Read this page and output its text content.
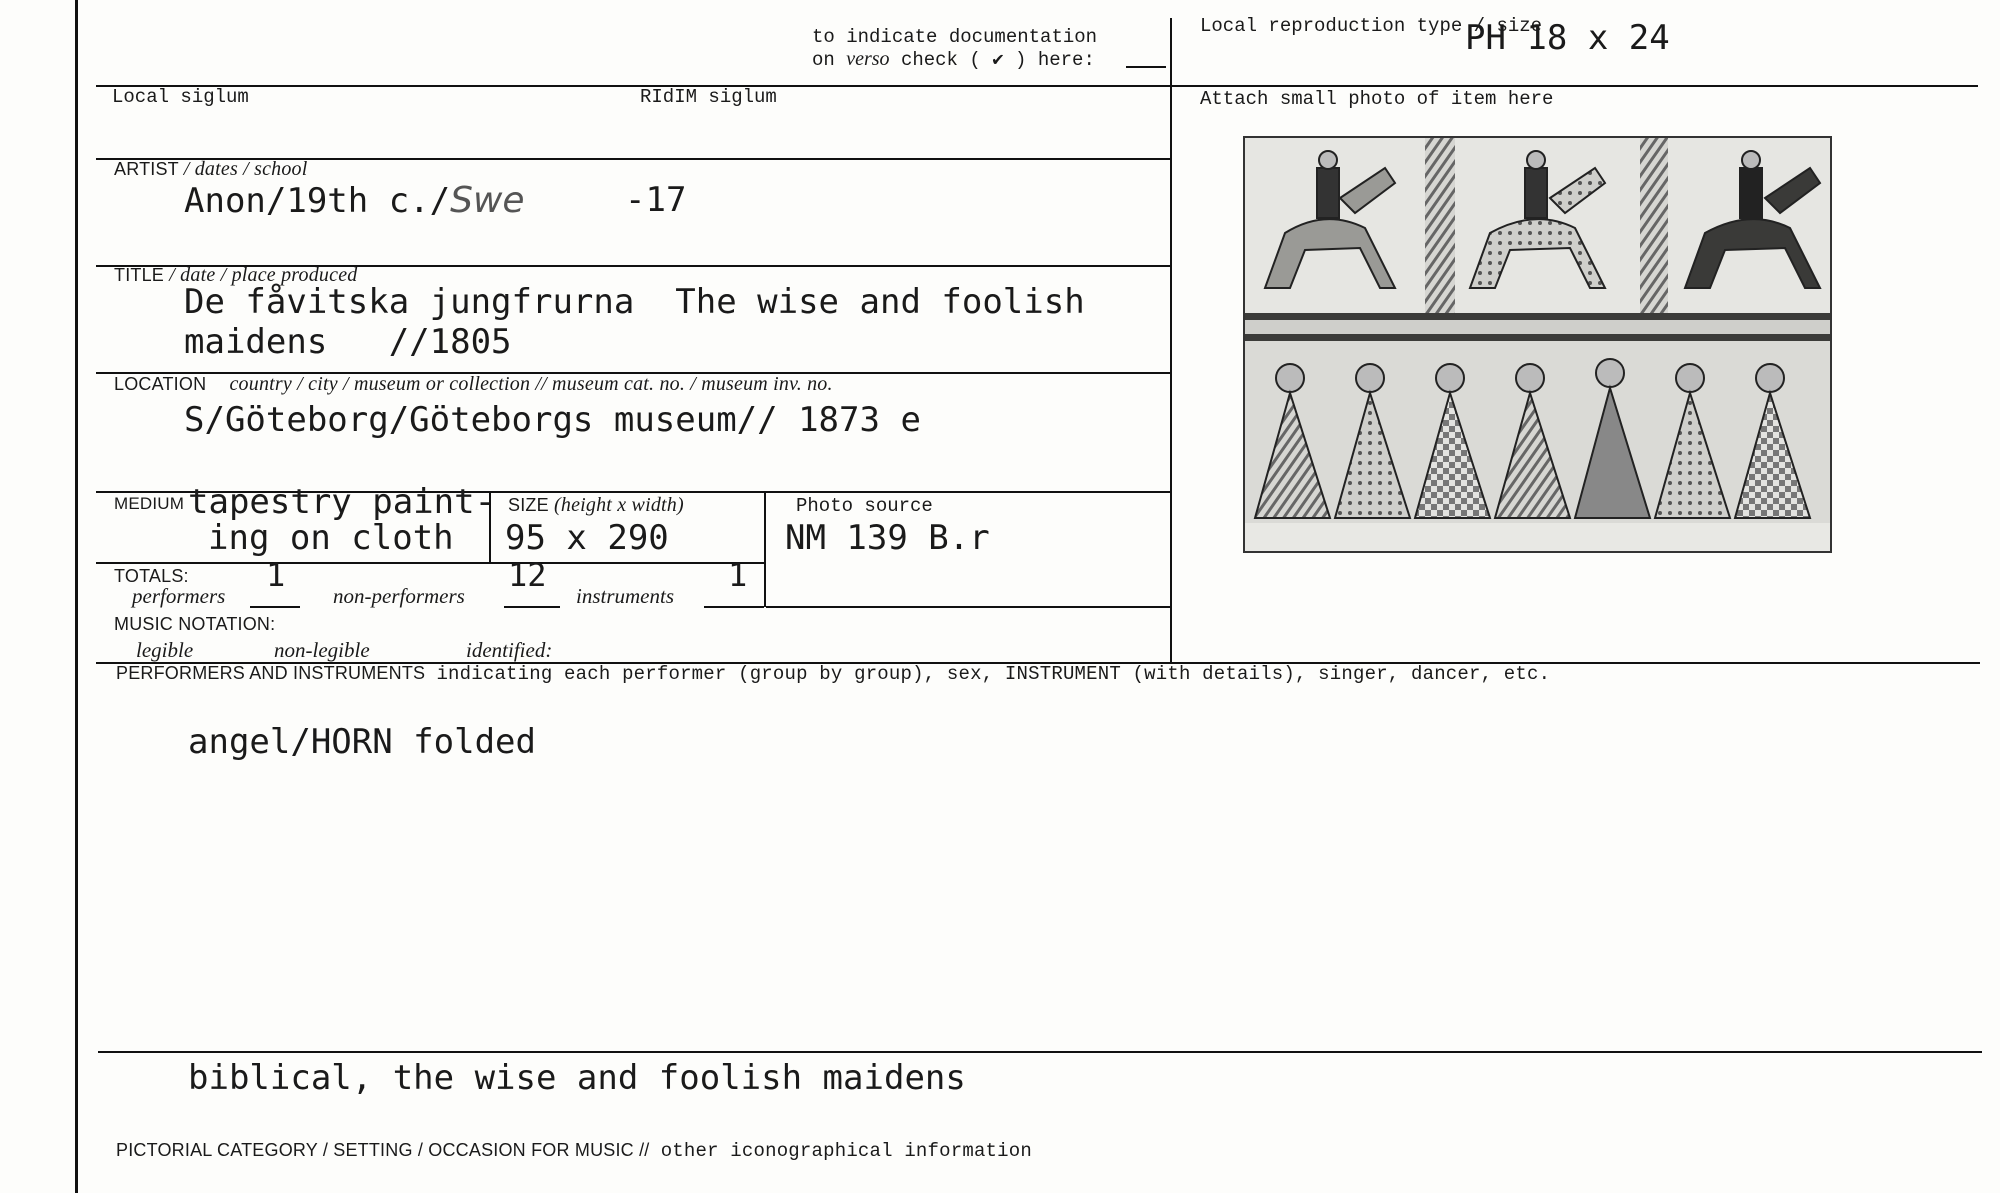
to indicate documentation
on verso check ( ✔ ) here:
Local reproduction type / size
PH 18 x 24
Local siglum	RIdIM siglum	Attach small photo of item here
ARTIST / dates / school
Anon/19th c./Swe	-17
TITLE / date / place produced
De fåvitska jungfrurna  The wise and foolish
maidens   //1805
LOCATION country / city / museum or collection // museum cat. no. / museum inv. no.
S/Göteborg/Göteborgs museum// 1873 e
MEDIUM tapestry paint-
ing on cloth
SIZE (height x width)
95 x 290
Photo source
NM 139 B.r
TOTALS:
performers
1
non-performers
12
instruments
1
MUSIC NOTATION:
legible	non-legible	identified:
PERFORMERS AND INSTRUMENTS indicating each performer (group by group), sex, INSTRUMENT (with details), singer, dancer, etc.
angel/HORN folded
biblical, the wise and foolish maidens
PICTORIAL CATEGORY / SETTING / OCCASION FOR MUSIC // other iconographical information
